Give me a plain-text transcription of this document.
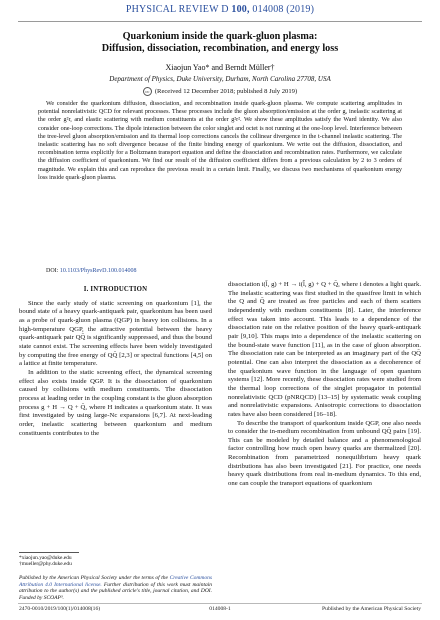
PHYSICAL REVIEW D 100, 014008 (2019)
Quarkonium inside the quark-gluon plasma:
Diffusion, dissociation, recombination, and energy loss
Xiaojun Yao* and Berndt Müller†
Department of Physics, Duke University, Durham, North Carolina 27708, USA
cc (Received 12 December 2018; published 8 July 2019)
We consider the quarkonium diffusion, dissociation, and recombination inside quark-gluon plasma. We compute scattering amplitudes in potential nonrelativistic QCD for relevant processes. These processes include the gluon absorption/emission at the order g, inelastic scattering at the order g²r, and elastic scattering with medium constituents at the order g²r². We show these amplitudes satisfy the Ward identity. We also consider one-loop corrections. The dipole interaction between the color singlet and octet is not running at the one-loop level. Interference between the tree-level gluon absorption/emission and its thermal loop corrections cancels the collinear divergence in the t-channel inelastic scattering. The inelastic scattering has no soft divergence because of the finite binding energy of quarkonium. We write out the diffusion, dissociation, and recombination terms explicitly for a Boltzmann transport equation and define the dissociation and recombination rates. Furthermore, we calculate the diffusion coefficient of quarkonium. We find our result of the diffusion coefficient differs from a previous calculation by 2 to 3 orders of magnitude. We explain this and can reproduce the previous result in a certain limit. Finally, we discuss two mechanisms of quarkonium energy loss inside quark-gluon plasma.
DOI: 10.1103/PhysRevD.100.014008
I. INTRODUCTION

Since the early study of static screening on quarkonium [1], the bound state of a heavy quark-antiquark pair, quarkonium has been used as a probe of quark-gluon plasma (QGP) in heavy ion collisions. In a high-temperature QGP, the attractive potential between the heavy quark-antiquark pair QQ̄ is significantly suppressed, and thus the bound state cannot exist. The screening effects have been widely investigated by computing the free energy of QQ̄ [2,3] or spectral functions [4,5] on a lattice at finite temperature.

In addition to the static screening effect, the dynamical screening effect also exists inside QGP. It is the dissociation of quarkonium caused by collisions with medium constituents. The dissociation process at leading order in the coupling constant is the gluon absorption process g + H → Q + Q̄, where H indicates a quarkonium state. It was first investigated by using large-Nc expansions [6,7]. At next-leading order, inelastic scattering between quarkonium and medium constituents contributes to the

dissociation i(l̄, g) + H → i(l̃, g) + Q + Q̄, where i denotes a light quark. The inelastic scattering was first studied in the quasifree limit in which the Q and Q̄ are treated as free particles and each of them scatters independently with medium constituents [8]. Later, the interference effect was taken into account. This leads to a dependence of the dissociation rate on the relative position of the heavy quark-antiquark pair [9,10]. This maps into a dependence of the inelastic scattering on the bound-state wave function [11], as in the case of gluon absorption. The dissociation rate can be interpreted as an imaginary part of the QQ̄ potential. One can also interpret the dissociation as a decoherence of the quarkonium wave function in the language of open quantum systems [12]. More recently, these dissociation rates were studied from the thermal loop corrections of the singlet propagator in potential nonrelativistic QCD (pNRQCD) [13–15] by systematic weak coupling and nonrelativistic expansions. Anisotropic corrections to dissociation rates have also been considered [16–18].

To describe the transport of quarkonium inside QGP, one also needs to consider the in-medium recombination from unbound QQ̄ pairs [19]. This can be modeled by detailed balance and a phenomenological factor controlling how much open heavy quarks are thermalized [20]. Recombination from parametrized nonequilibrium heavy quark distributions has also been investigated [21]. For practice, one needs heavy quark distributions from real in-medium dynamics. To this end, one can couple the transport equations of quarkonium

*xiaojun.yao@duke.edu
†mueller@phy.duke.edu
Published by the American Physical Society under the terms of the Creative Commons Attribution 4.0 International license. Further distribution of this work must maintain attribution to the author(s) and the published article's title, journal citation, and DOI. Funded by SCOAP³.
2470-0010/2019/100(1)/014008(16)	014008-1	Published by the American Physical Society
